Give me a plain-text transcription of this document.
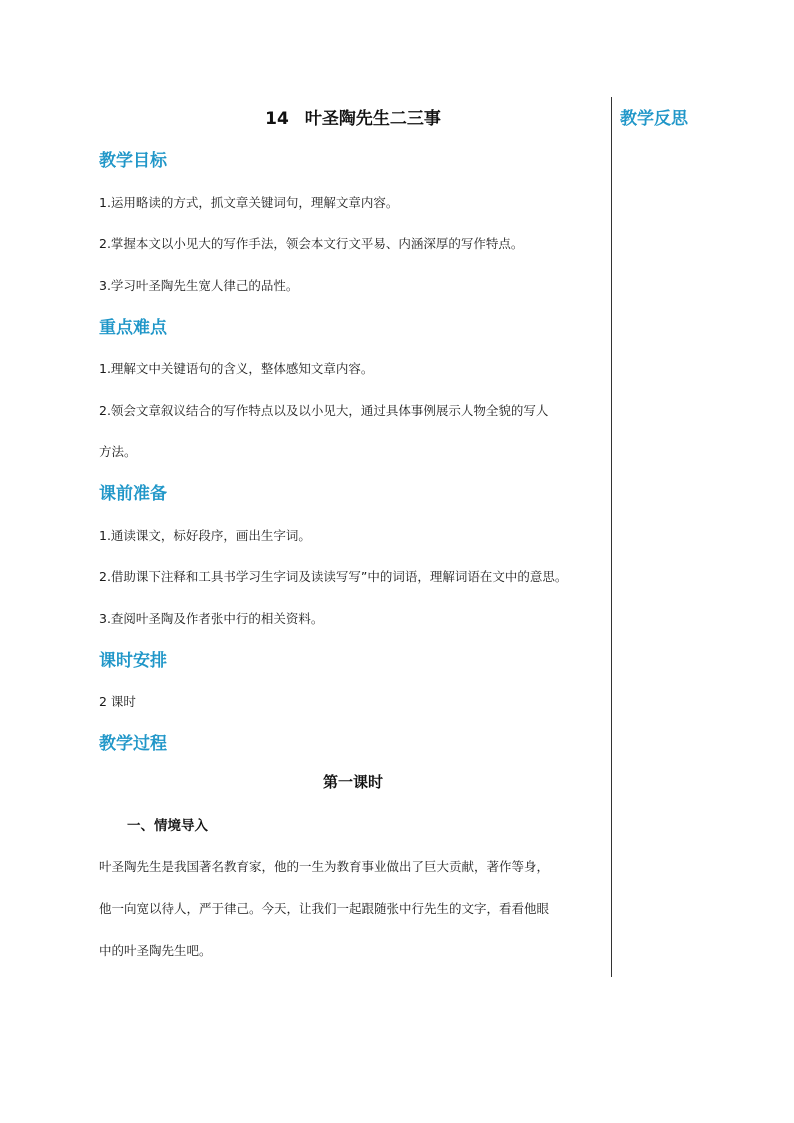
14 叶圣陶先生二三事
教学目标
1.运用略读的方式，抓文章关键词句，理解文章内容。
2.掌握本文以小见大的写作手法，领会本文行文平易、内涵深厚的写作特点。
3.学习叶圣陶先生宽人律己的品性。
重点难点
1.理解文中关键语句的含义，整体感知文章内容。
2.领会文章叙议结合的写作特点以及以小见大，通过具体事例展示人物全貌的写人
方法。
课前准备
1.通读课文，标好段序，画出生字词。
2.借助课下注释和工具书学习生字词及读读写写”中的词语，理解词语在文中的意思。
3.查阅叶圣陶及作者张中行的相关资料。
课时安排
2 课时
教学过程
第一课时
一、情境导入
叶圣陶先生是我国著名教育家，他的一生为教育事业做出了巨大贡献，著作等身，
他一向宽以待人，严于律己。今天，让我们一起跟随张中行先生的文字，看看他眼
中的叶圣陶先生吧。
教学反思
